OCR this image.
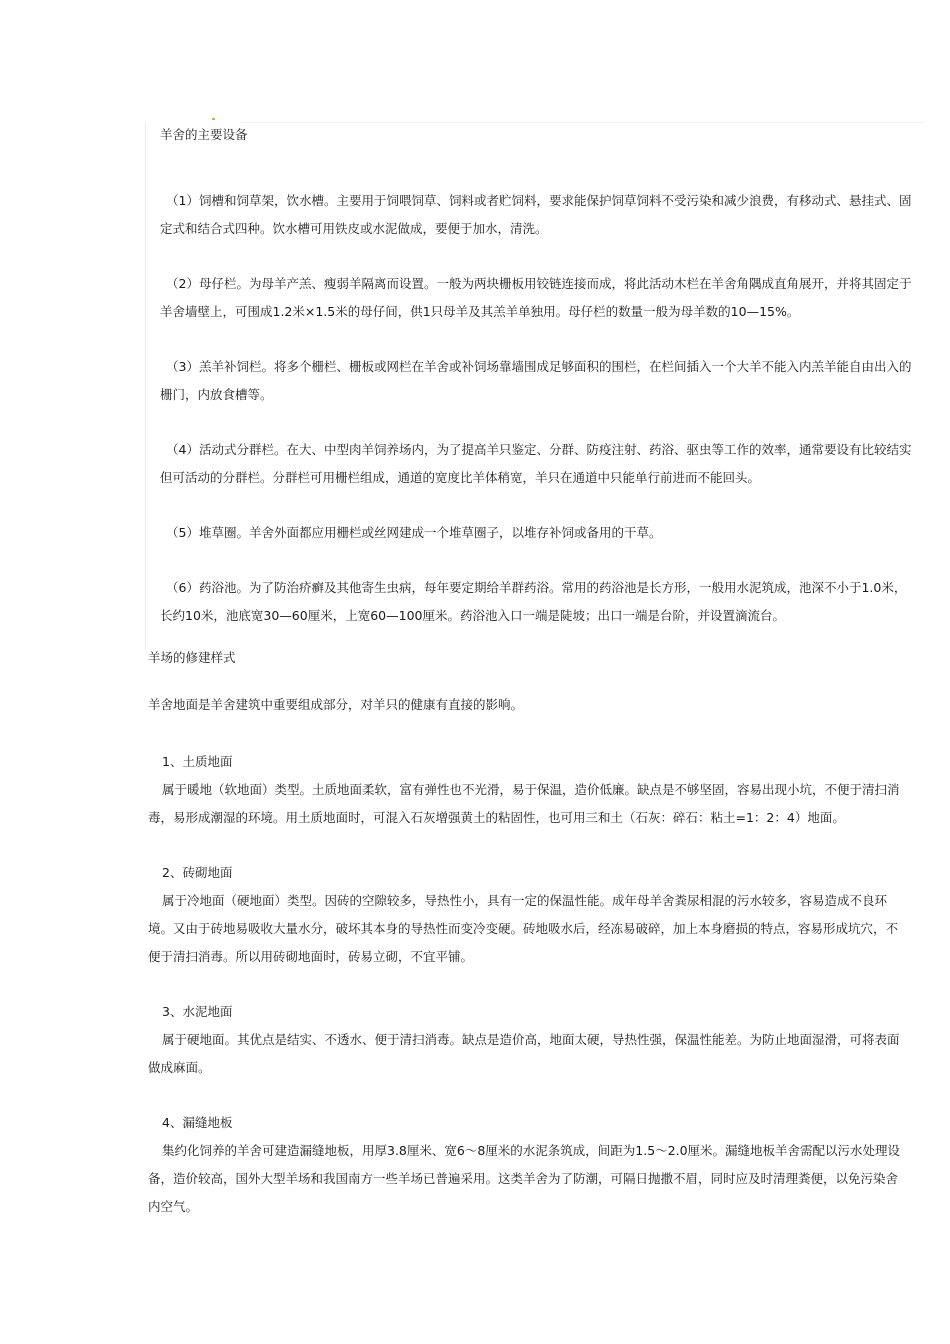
羊舍的主要设备

（1）饲槽和饲草架，饮水槽。主要用于饲喂饲草、饲料或者贮饲料，要求能保护饲草饲料不受污染和减少浪费，有移动式、悬挂式、固定式和结合式四种。饮水槽可用铁皮或水泥做成，要便于加水，清洗。

（2）母仔栏。为母羊产羔、瘦弱羊隔离而设置。一般为两块栅板用铰链连接而成，将此活动木栏在羊舍角隅成直角展开，并将其固定于羊舍墙壁上，可围成1.2米×1.5米的母仔间，供1只母羊及其羔羊单独用。母仔栏的数量一般为母羊数的10—15%。

（3）羔羊补饲栏。将多个栅栏、栅板或网栏在羊舍或补饲场靠墙围成足够面积的围栏，在栏间插入一个大羊不能入内羔羊能自由出入的栅门，内放食槽等。

（4）活动式分群栏。在大、中型肉羊饲养场内，为了提高羊只鉴定、分群、防疫注射、药浴、驱虫等工作的效率，通常要设有比较结实但可活动的分群栏。分群栏可用栅栏组成，通道的宽度比羊体稍宽，羊只在通道中只能单行前进而不能回头。

（5）堆草圈。羊舍外面都应用栅栏或丝网建成一个堆草圈子，以堆存补饲或备用的干草。

（6）药浴池。为了防治疥癣及其他寄生虫病，每年要定期给羊群药浴。常用的药浴池是长方形，一般用水泥筑成，池深不小于1.0米，长约10米，池底宽30—60厘米，上宽60—100厘米。药浴池入口一端是陡坡；出口一端是台阶，并设置滴流台。

羊场的修建样式

羊舍地面是羊舍建筑中重要组成部分，对羊只的健康有直接的影响。

1、土质地面

属于暖地（软地面）类型。土质地面柔软，富有弹性也不光滑，易于保温，造价低廉。缺点是不够坚固，容易出现小坑，不便于清扫消毒，易形成潮湿的环境。用土质地面时，可混入石灰增强黄土的粘固性，也可用三和土（石灰：碎石：粘土=1：2：4）地面。

2、砖砌地面

属于冷地面（硬地面）类型。因砖的空隙较多，导热性小，具有一定的保温性能。成年母羊舍粪尿相混的污水较多，容易造成不良环境。又由于砖地易吸收大量水分，破坏其本身的导热性而变冷变硬。砖地吸水后，经冻易破碎，加上本身磨损的特点，容易形成坑穴，不便于清扫消毒。所以用砖砌地面时，砖易立砌，不宜平铺。

3、水泥地面

属于硬地面。其优点是结实、不透水、便于清扫消毒。缺点是造价高，地面太硬，导热性强，保温性能差。为防止地面湿滑，可将表面做成麻面。

4、漏缝地板

集约化饲养的羊舍可建造漏缝地板，用厚3.8厘米、宽6～8厘米的水泥条筑成，间距为1.5～2.0厘米。漏缝地板羊舍需配以污水处理设备，造价较高，国外大型羊场和我国南方一些羊场已普遍采用。这类羊舍为了防潮，可隔日抛撒不眉，同时应及时清理粪便，以免污染舍内空气。
